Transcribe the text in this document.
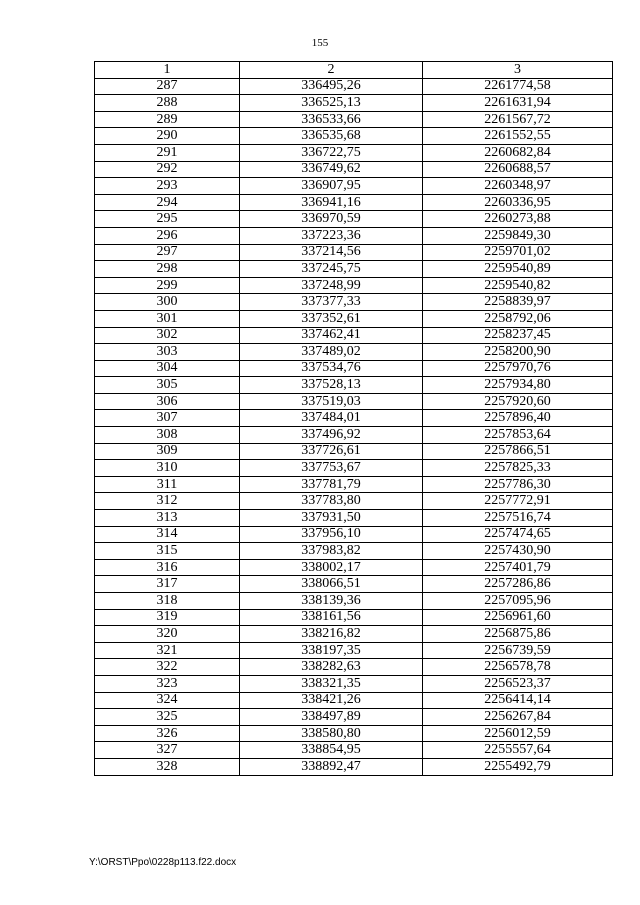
155
1	2	3
287	336495,26	2261774,58
288	336525,13	2261631,94
289	336533,66	2261567,72
290	336535,68	2261552,55
291	336722,75	2260682,84
292	336749,62	2260688,57
293	336907,95	2260348,97
294	336941,16	2260336,95
295	336970,59	2260273,88
296	337223,36	2259849,30
297	337214,56	2259701,02
298	337245,75	2259540,89
299	337248,99	2259540,82
300	337377,33	2258839,97
301	337352,61	2258792,06
302	337462,41	2258237,45
303	337489,02	2258200,90
304	337534,76	2257970,76
305	337528,13	2257934,80
306	337519,03	2257920,60
307	337484,01	2257896,40
308	337496,92	2257853,64
309	337726,61	2257866,51
310	337753,67	2257825,33
311	337781,79	2257786,30
312	337783,80	2257772,91
313	337931,50	2257516,74
314	337956,10	2257474,65
315	337983,82	2257430,90
316	338002,17	2257401,79
317	338066,51	2257286,86
318	338139,36	2257095,96
319	338161,56	2256961,60
320	338216,82	2256875,86
321	338197,35	2256739,59
322	338282,63	2256578,78
323	338321,35	2256523,37
324	338421,26	2256414,14
325	338497,89	2256267,84
326	338580,80	2256012,59
327	338854,95	2255557,64
328	338892,47	2255492,79
Y:\ORST\Ppo\0228p113.f22.docx
